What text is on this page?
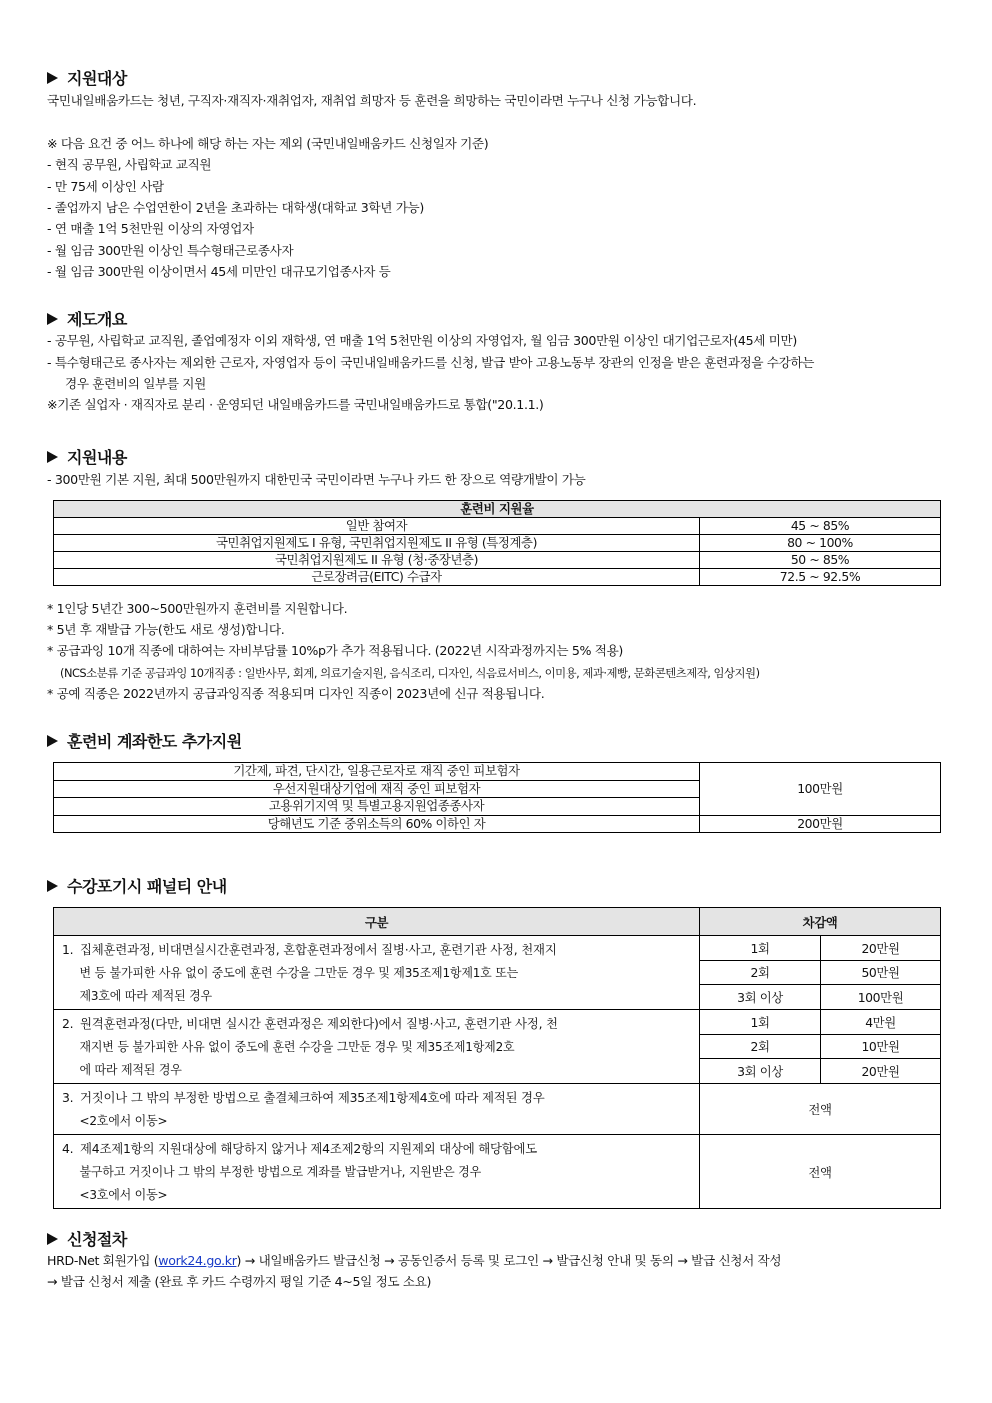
지원대상
국민내일배움카드는 청년, 구직자·재직자·재취업자, 재취업 희망자 등 훈련을 희망하는 국민이라면 누구나 신청 가능합니다.
※ 다음 요건 중 어느 하나에 해당 하는 자는 제외 (국민내일배움카드 신청일자 기준)
- 현직 공무원, 사립학교 교직원
- 만 75세 이상인 사람
- 졸업까지 남은 수업연한이 2년을 초과하는 대학생(대학교 3학년 가능)
- 연 매출 1억 5천만원 이상의 자영업자
- 월 임금 300만원 이상인 특수형태근로종사자
- 월 임금 300만원 이상이면서 45세 미만인 대규모기업종사자 등
제도개요
- 공무원, 사립학교 교직원, 졸업예정자 이외 재학생, 연 매출 1억 5천만원 이상의 자영업자, 월 임금 300만원 이상인 대기업근로자(45세 미만)
- 특수형태근로 종사자는 제외한 근로자, 자영업자 등이 국민내일배움카드를 신청, 발급 받아 고용노동부 장관의 인정을 받은 훈련과정을 수강하는
경우 훈련비의 일부를 지원
※기존 실업자 · 재직자로 분리 · 운영되던 내일배움카드를 국민내일배움카드로 통합("20.1.1.)
지원내용
- 300만원 기본 지원, 최대 500만원까지 대한민국 국민이라면 누구나 카드 한 장으로 역량개발이 가능
훈련비 지원율	
일반 참여자	45 ~ 85%
국민취업지원제도 I 유형, 국민취업지원제도 II 유형 (특정계층)	80 ~ 100%
국민취업지원제도 II 유형 (청·중장년층)	50 ~ 85%
근로장려금(EITC) 수급자	72.5 ~ 92.5%
* 1인당 5년간 300~500만원까지 훈련비를 지원합니다.
* 5년 후 재발급 가능(한도 새로 생성)합니다.
* 공급과잉 10개 직종에 대하여는 자비부담률 10%p가 추가 적용됩니다. (2022년 시작과정까지는 5% 적용)
(NCS소분류 기준 공급과잉 10개직종 : 일반사무, 회계, 의료기술지원, 음식조리, 디자인, 식음료서비스, 이미용, 제과·제빵, 문화콘텐츠제작, 임상지원)
* 공예 직종은 2022년까지 공급과잉직종 적용되며 디자인 직종이 2023년에 신규 적용됩니다.
훈련비 계좌한도 추가지원
기간제, 파견, 단시간, 일용근로자로 재직 중인 피보험자	100만원
우선지원대상기업에 재직 중인 피보험자	
고용위기지역 및 특별고용지원업종종사자	
당해년도 기준 중위소득의 60% 이하인 자	200만원
수강포기시 패널티 안내
구분	차감액	
1. 집체훈련과정, 비대면실시간훈련과정, 혼합훈련과정에서 질병·사고, 훈련기관 사정, 천재지
변 등 불가피한 사유 없이 중도에 훈련 수강을 그만둔 경우 및 제35조제1항제1호 또는
제3호에 따라 제적된 경우	1회	20만원
	2회	50만원
	3회 이상	100만원
2. 원격훈련과정(다만, 비대면 실시간 훈련과정은 제외한다)에서 질병·사고, 훈련기관 사정, 천
재지변 등 불가피한 사유 없이 중도에 훈련 수강을 그만둔 경우 및 제35조제1항제2호
에 따라 제적된 경우	1회	4만원
	2회	10만원
	3회 이상	20만원
3. 거짓이나 그 밖의 부정한 방법으로 출결체크하여 제35조제1항제4호에 따라 제적된 경우
<2호에서 이동>	전액	
4. 제4조제1항의 지원대상에 해당하지 않거나 제4조제2항의 지원제외 대상에 해당함에도
불구하고 거짓이나 그 밖의 부정한 방법으로 계좌를 발급받거나, 지원받은 경우
<3호에서 이동>	전액	
신청절차
HRD-Net 회원가입 (work24.go.kr) → 내일배움카드 발급신청 → 공동인증서 등록 및 로그인 → 발급신청 안내 및 동의 → 발급 신청서 작성
→ 발급 신청서 제출 (완료 후 카드 수령까지 평일 기준 4~5일 정도 소요)
